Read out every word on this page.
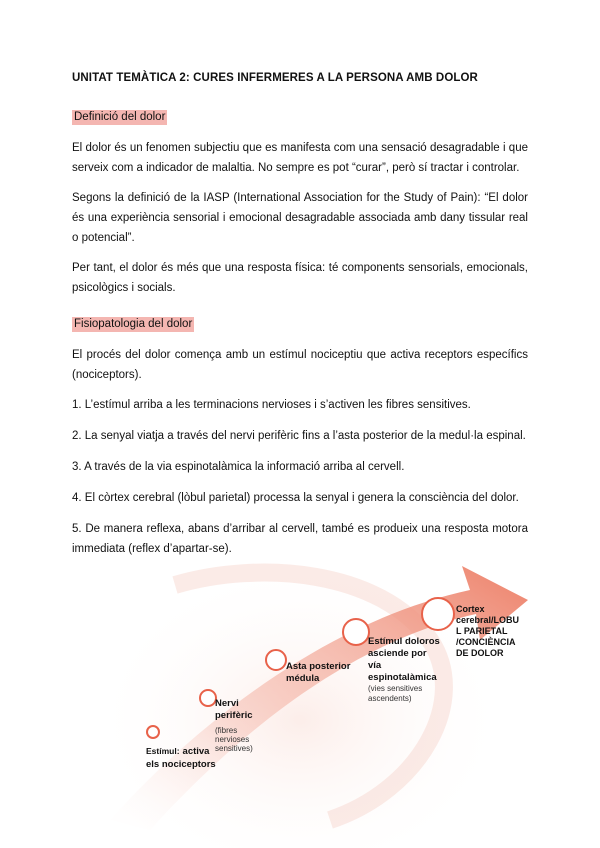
UNITAT TEMÀTICA 2: CURES INFERMERES A LA PERSONA AMB DOLOR
Definició del dolor
El dolor és un fenomen subjectiu que es manifesta com una sensació desagradable i que serveix com a indicador de malaltia. No sempre es pot “curar”, però sí tractar i controlar.
Segons la definició de la IASP (International Association for the Study of Pain): “El dolor és una experiència sensorial i emocional desagradable associada amb dany tissular real o potencial”.
Per tant, el dolor és més que una resposta física: té components sensorials, emocionals, psicològics i socials.
Fisiopatologia del dolor
El procés del dolor comença amb un estímul nociceptiu que activa receptors específics (nociceptors).
1. L’estímul arriba a les terminacions nervioses i s’activen les fibres sensitives.
2. La senyal viatja a través del nervi perifèric fins a l’asta posterior de la medul·la espinal.
3. A través de la via espinotalàmica la informació arriba al cervell.
4. El còrtex cerebral (lòbul parietal) processa la senyal i genera la consciència del dolor.
5. De manera reflexa, abans d’arribar al cervell, també es produeix una resposta motora immediata (reflex d’apartar-se).
Estímul: activa els nociceptors
Nervi perifèric
(fibres nervioses sensitives)
Asta posterior médula
Estímul doloros asciende por vía espinotalàmica
(vies sensitives ascendents)
Cortex cerebral/LOBU L PARIETAL /CONCIÈNCIA DE DOLOR
